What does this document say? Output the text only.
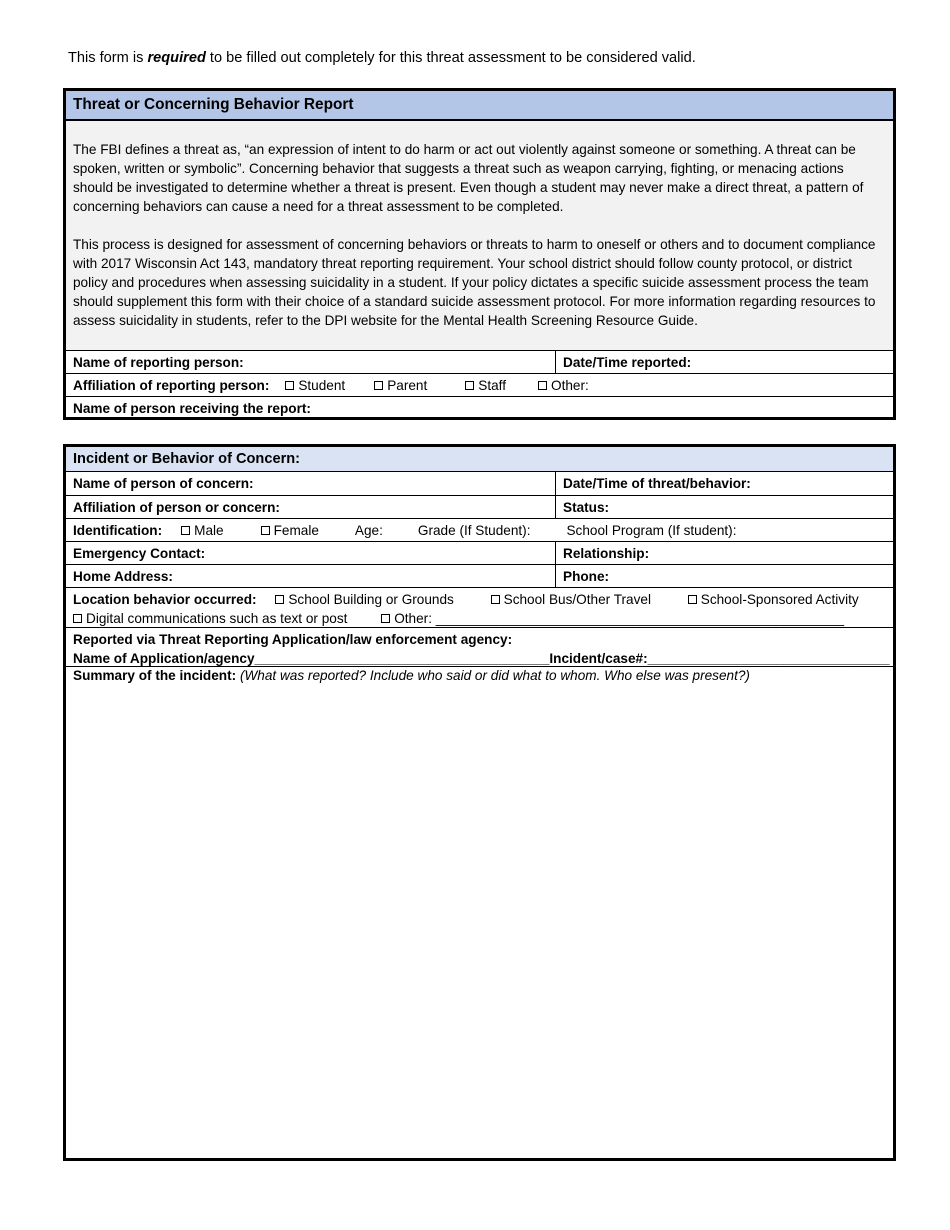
This form is required to be filled out completely for this threat assessment to be considered valid.
Threat or Concerning Behavior Report

The FBI defines a threat as, “an expression of intent to do harm or act out violently against someone or something. A threat can be spoken, written or symbolic”. Concerning behavior that suggests a threat such as weapon carrying, fighting, or menacing actions should be investigated to determine whether a threat is present. Even though a student may never make a direct threat, a pattern of concerning behaviors can cause a need for a threat assessment to be completed.

This process is designed for assessment of concerning behaviors or threats to harm to oneself or others and to document compliance with 2017 Wisconsin Act 143, mandatory threat reporting requirement. Your school district should follow county protocol, or district policy and procedures when assessing suicidality in a student. If your policy dictates a specific suicide assessment process the team should supplement this form with their choice of a standard suicide assessment protocol. For more information regarding resources to assess suicidality in students, refer to the DPI website for the Mental Health Screening Resource Guide.

Name of reporting person:	Date/Time reported:
Affiliation of reporting person: Student	Parent	Staff	Other:
Name of person receiving the report:
Incident or Behavior of Concern:
Name of person of concern:	Date/Time of threat/behavior:
Affiliation of person or concern:	Status:
Identification: Male	Female	Age:	Grade (If Student):	School Program (If student):
Emergency Contact:	Relationship:
Home Address:	Phone:
Location behavior occurred: School Building or Grounds
	School Bus/Other Travel
	School-Sponsored Activity
Digital communications such as text or post
	Other: ______________________________________________________
Reported via Threat Reporting Application/law enforcement agency:
Name of Application/agency_______________________________________Incident/case#:________________________________
Summary of the incident: (What was reported? Include who said or did what to whom. Who else was present?)
